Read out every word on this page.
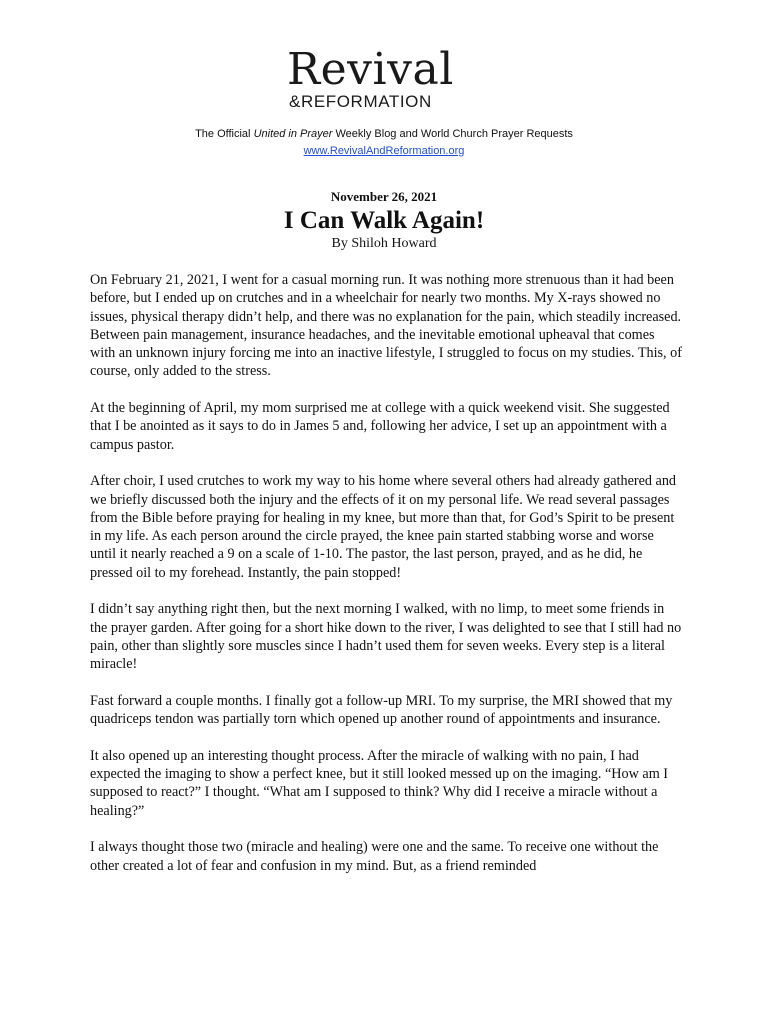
Revival
&REFORMATION
The Official United in Prayer Weekly Blog and World Church Prayer Requests
www.RevivalAndReformation.org
November 26, 2021
I Can Walk Again!
By Shiloh Howard

On February 21, 2021, I went for a casual morning run. It was nothing more strenuous than it had been before, but I ended up on crutches and in a wheelchair for nearly two months. My X-rays showed no issues, physical therapy didn’t help, and there was no explanation for the pain, which steadily increased. Between pain management, insurance headaches, and the inevitable emotional upheaval that comes with an unknown injury forcing me into an inactive lifestyle, I struggled to focus on my studies. This, of course, only added to the stress.

At the beginning of April, my mom surprised me at college with a quick weekend visit. She suggested that I be anointed as it says to do in James 5 and, following her advice, I set up an appointment with a campus pastor.

After choir, I used crutches to work my way to his home where several others had already gathered and we briefly discussed both the injury and the effects of it on my personal life. We read several passages from the Bible before praying for healing in my knee, but more than that, for God’s Spirit to be present in my life. As each person around the circle prayed, the knee pain started stabbing worse and worse until it nearly reached a 9 on a scale of 1-10. The pastor, the last person, prayed, and as he did, he pressed oil to my forehead. Instantly, the pain stopped!

I didn’t say anything right then, but the next morning I walked, with no limp, to meet some friends in the prayer garden. After going for a short hike down to the river, I was delighted to see that I still had no pain, other than slightly sore muscles since I hadn’t used them for seven weeks. Every step is a literal miracle!

Fast forward a couple months. I finally got a follow-up MRI. To my surprise, the MRI showed that my quadriceps tendon was partially torn which opened up another round of appointments and insurance.

It also opened up an interesting thought process. After the miracle of walking with no pain, I had expected the imaging to show a perfect knee, but it still looked messed up on the imaging. “How am I supposed to react?” I thought. “What am I supposed to think? Why did I receive a miracle without a healing?”

I always thought those two (miracle and healing) were one and the same. To receive one without the other created a lot of fear and confusion in my mind. But, as a friend reminded
